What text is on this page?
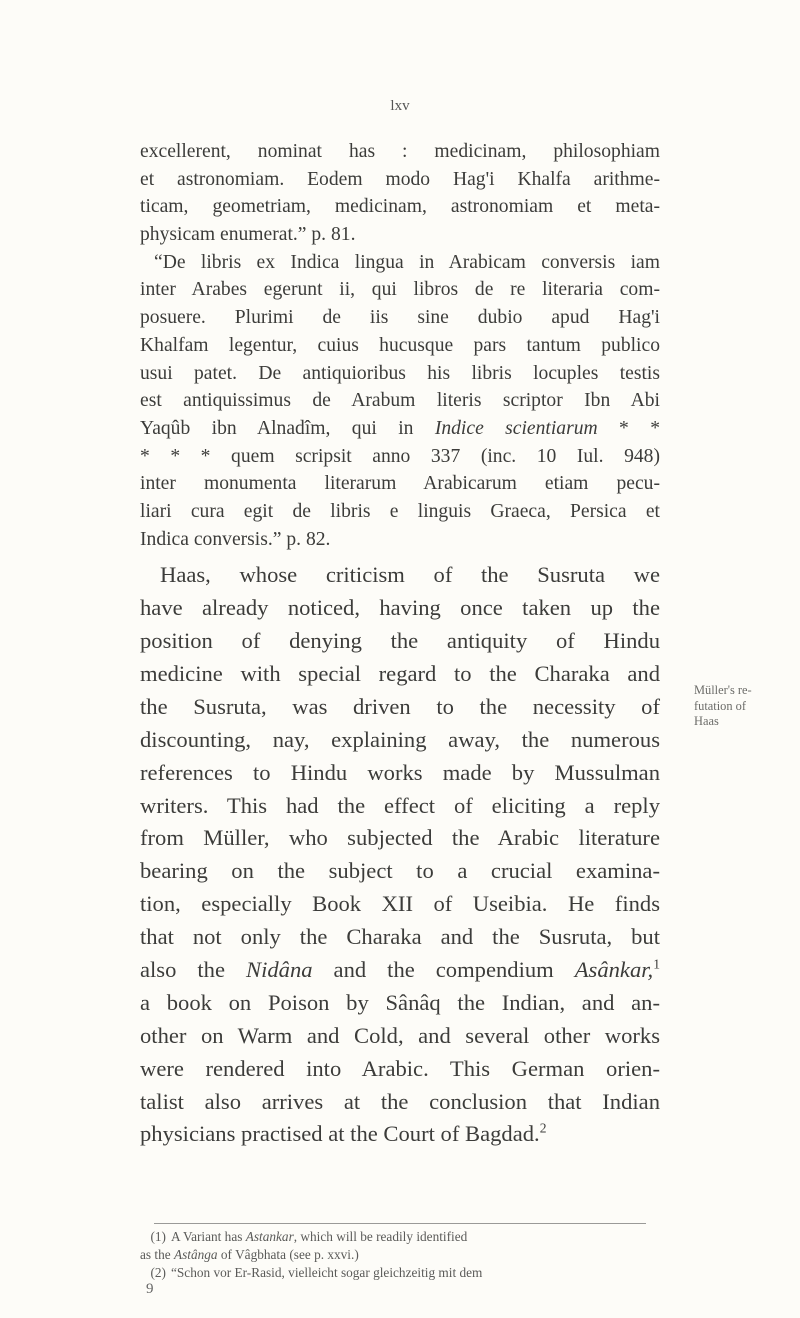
lxv
excellerent, nominat has : medicinam, philosophiam
et astronomiam. Eodem modo Hag'i Khalfa arithme-
ticam, geometriam, medicinam, astronomiam et meta-
physicam enumerat.” p. 81.
“De libris ex Indica lingua in Arabicam conversis iam
inter Arabes egerunt ii, qui libros de re literaria com-
posuere. Plurimi de iis sine dubio apud Hag'i
Khalfam legentur, cuius hucusque pars tantum publico
usui patet. De antiquioribus his libris locuples testis
est antiquissimus de Arabum literis scriptor Ibn Abi
Yaqûb ibn Alnadîm, qui in Indice scientiarum * *
* * * quem scripsit anno 337 (inc. 10 Iul. 948)
inter monumenta literarum Arabicarum etiam pecu-
liari cura egit de libris e linguis Graeca, Persica et
Indica conversis.” p. 82.
Haas, whose criticism of the Susruta we
have already noticed, having once taken up the
position of denying the antiquity of Hindu
medicine with special regard to the Charaka and
the Susruta, was driven to the necessity of
discounting, nay, explaining away, the numerous
references to Hindu works made by Mussulman
writers. This had the effect of eliciting a reply
from Müller, who subjected the Arabic literature
bearing on the subject to a crucial examina-
tion, especially Book XII of Useibia. He finds
that not only the Charaka and the Susruta, but
also the Nidâna and the compendium Asânkar,$^1$
a book on Poison by Sânâq the Indian, and an-
other on Warm and Cold, and several other works
were rendered into Arabic. This German orien-
talist also arrives at the conclusion that Indian
physicians practised at the Court of Bagdad.$^2$
Müller's re-
futation of
Haas
(1) A Variant has Astankar, which will be readily identified
as the Astânga of Vâgbhata (see p. xxvi.)
(2) “Schon vor Er-Rasid, vielleicht sogar gleichzeitig mit dem
9
